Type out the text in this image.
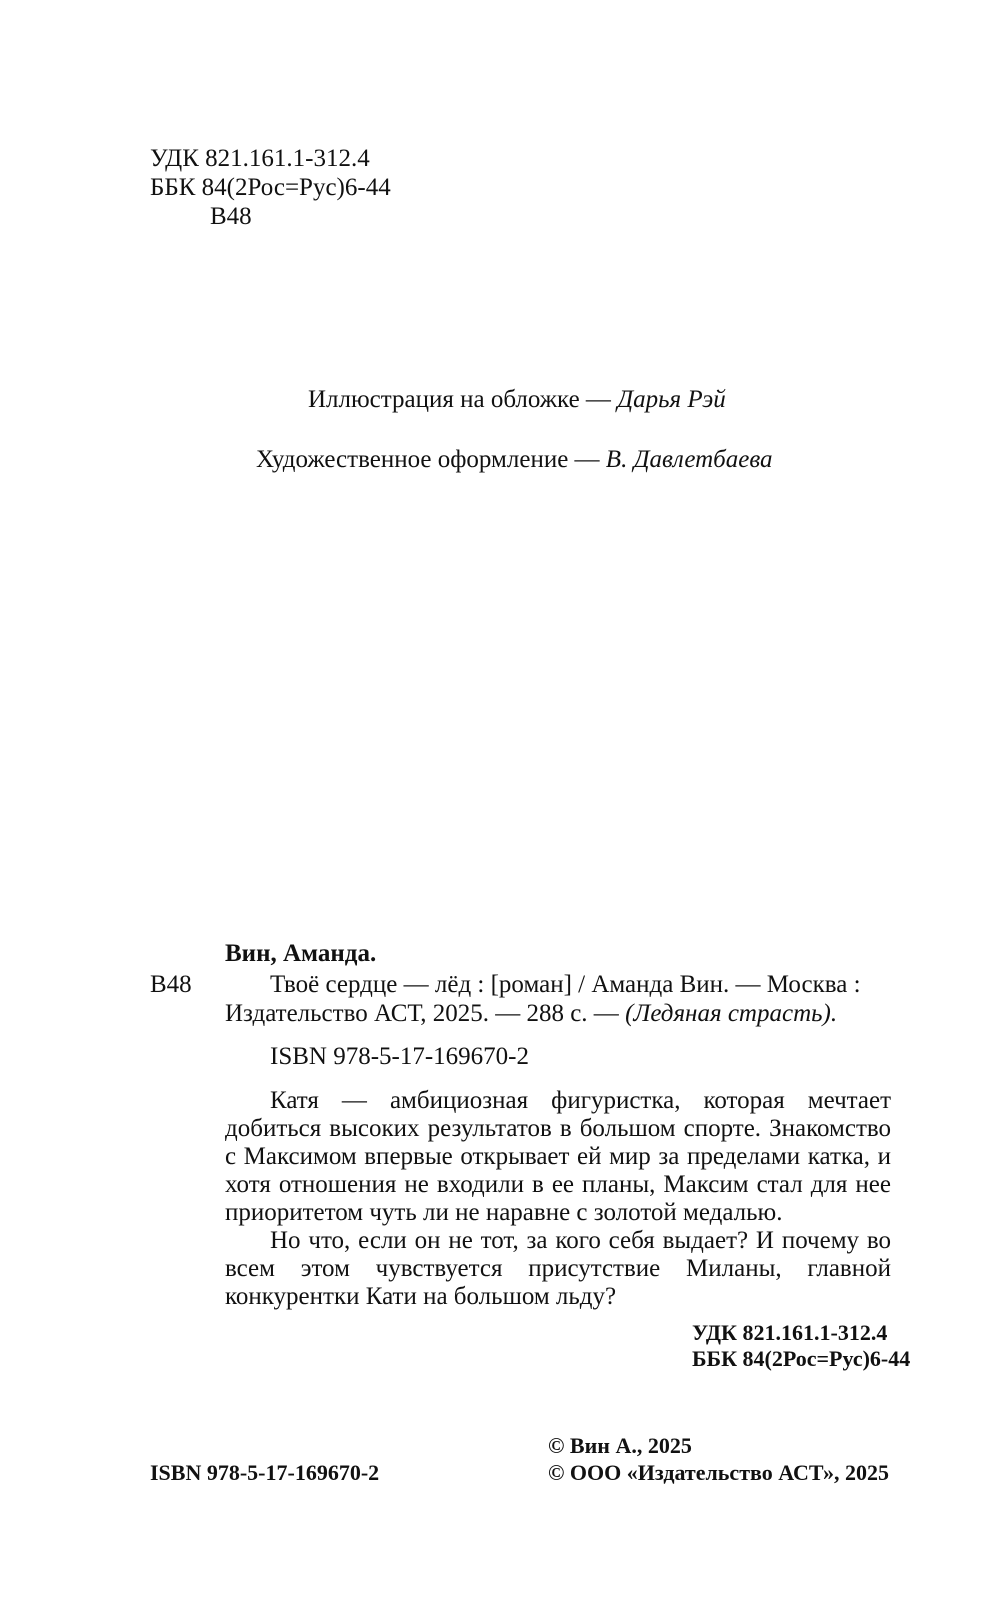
УДК 821.161.1-312.4
ББК 84(2Рос=Рус)6-44
В48
Иллюстрация на обложке — Дарья Рэй
Художественное оформление — В. Давлетбаева
Вин, Аманда.
В48	Твоё сердце — лёд : [роман] / Аманда Вин. — Москва :
Издательство АСТ, 2025. — 288 с. — (Ледяная страсть).
ISBN 978-5-17-169670-2

Катя — амбициозная фигуристка, которая мечтает добиться высоких результатов в большом спорте. Знакомство с Максимом впервые открывает ей мир за пределами катка, и хотя отношения не входили в ее планы, Максим стал для нее приоритетом чуть ли не наравне с золотой медалью.

Но что, если он не тот, за кого себя выдает? И почему во всем этом чувствуется присутствие Миланы, главной конкурентки Кати на большом льду?

УДК 821.161.1-312.4
ББК 84(2Рос=Рус)6-44
© Вин А., 2025
ISBN 978-5-17-169670-2	© ООО «Издательство АСТ», 2025
